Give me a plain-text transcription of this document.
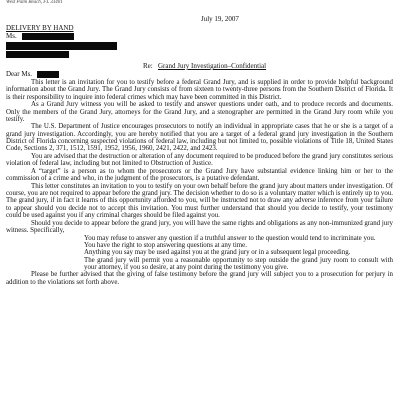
West Palm Beach, FL 33401
July 19, 2007
DELIVERY BY HAND
Ms.
Re: Grand Jury Investigation–Confidential
Dear Ms.

This letter is an invitation for you to testify before a federal Grand Jury, and is supplied in order to provide helpful background information about the Grand Jury. The Grand Jury consists of from sixteen to twenty-three persons from the Southern District of Florida. It is their responsibility to inquire into federal crimes which may have been committed in this District.

As a Grand Jury witness you will be asked to testify and answer questions under oath, and to produce records and documents. Only the members of the Grand Jury, attorneys for the Grand Jury, and a stenographer are permitted in the Grand Jury room while you testify.

The U.S. Department of Justice encourages prosecutors to notify an individual in appropriate cases that he or she is a target of a grand jury investigation. Accordingly, you are hereby notified that you are a target of a federal grand jury investigation in the Southern District of Florida concerning suspected violations of federal law, including but not limited to, possible violations of Title 18, United States Code, Sections 2, 371, 1512, 1591, 1952, 1956, 1960, 2421, 2422, and 2423.

You are advised that the destruction or alteration of any document required to be produced before the grand jury constitutes serious violation of federal law, including but not limited to Obstruction of Justice.

A “target” is a person as to whom the prosecutors or the Grand Jury have substantial evidence linking him or her to the commission of a crime and who, in the judgment of the prosecutors, is a putative defendant.

This letter constitutes an invitation to you to testify on your own behalf before the grand jury about matters under investigation. Of course, you are not required to appear before the grand jury. The decision whether to do so is a voluntary matter which is entirely up to you. The grand jury, if in fact it learns of this opportunity afforded to you, will be instructed not to draw any adverse inference from your failure to appear should you decide not to accept this invitation. You must further understand that should you decide to testify, your testimony could be used against you if any criminal charges should be filed against you.

Should you decide to appear before the grand jury, you will have the same rights and obligations as any non-immunized grand jury witness. Specifically,

You may refuse to answer any question if a truthful answer to the question would tend to incriminate you.
You have the right to stop answering questions at any time.
Anything you say may be used against you at the grand jury or in a subsequent legal proceeding.
The grand jury will permit you a reasonable opportunity to step outside the grand jury room to consult with your attorney, if you so desire, at any point during the testimony you give.

Please be further advised that the giving of false testimony before the grand jury will subject you to a prosecution for perjury in addition to the violations set forth above.
